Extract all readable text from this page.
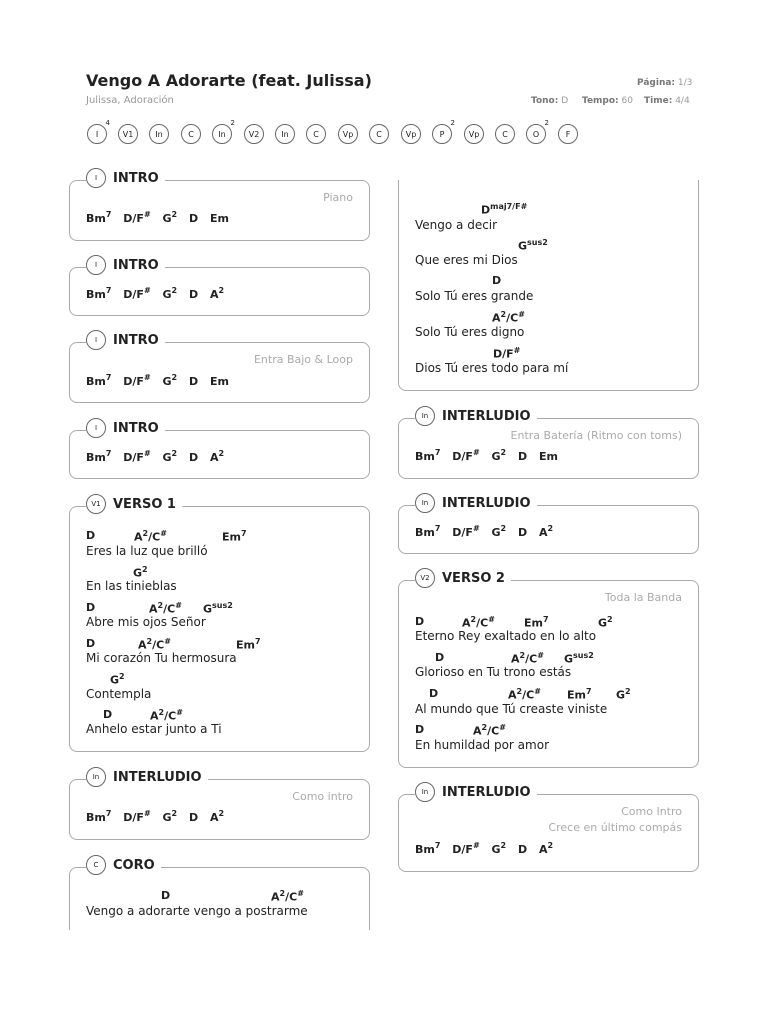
Vengo A Adorarte (feat. Julissa)
Julissa, Adoración
Página: 1/3
Tono: D Tempo: 60 Time: 4/4
I
4
V1	In	C	In
2
V2	In	C	Vp	C	Vp	P
2
Vp	C	O
2
F
I	INTRO
Piano
Bm$^7$ D/F# $G^2$ D Em
I	INTRO
Bm$^7$ D/F# $G^2$ D $A^2$
I	INTRO
Entra Bajo & Loop
Bm$^7$ D/F# $G^2$ D Em
I	INTRO
Bm$^7$ D/F# $G^2$ D $A^2$
V1 VERSO 1
D	$A^2/C^{\#}$	Em$^7$
Eres la luz que brilló
$G^2$
En las tinieblas
D	$A^2/C^{\#}$ $G^{sus2}$
Abre mis ojos Señor
D	$A^2/C^{\#}$	Em$^7$
Mi corazón Tu hermosura
$G^2$
Contempla
D	$A^2/C^{\#}$
Anhelo estar junto a Ti
In	INTERLUDIO
Como intro
Bm$^7$ D/F# $G^2$ D $A^2$
C	CORO
D	$A^2/C^{\#}$
Vengo a adorarte vengo a postrarme
$D^{maj7/F\#}$
Vengo a decir
$G^{sus2}$
Que eres mi Dios
D
Solo Tú eres grande
$A^2/C^{\#}$
Solo Tú eres digno
D/F#
Dios Tú eres todo para mí
In	INTERLUDIO
Entra Batería (Ritmo con toms)
Bm$^7$ D/F# $G^2$ D Em
In	INTERLUDIO
Bm$^7$ D/F# $G^2$ D $A^2$
V2 VERSO 2
Toda la Banda
D	$A^2/C^{\#}$	Em$^7$	$G^2$
Eterno Rey exaltado en lo alto
D	$A^2/C^{\#}$ $G^{sus2}$
Glorioso en Tu trono estás
D	$A^2/C^{\#}$ Em$^7$ $G^2$
Al mundo que Tú creaste viniste
D	$A^2/C^{\#}$
En humildad por amor
In	INTERLUDIO
Como Intro
Crece en último compás
Bm$^7$ D/F# $G^2$ D $A^2$
